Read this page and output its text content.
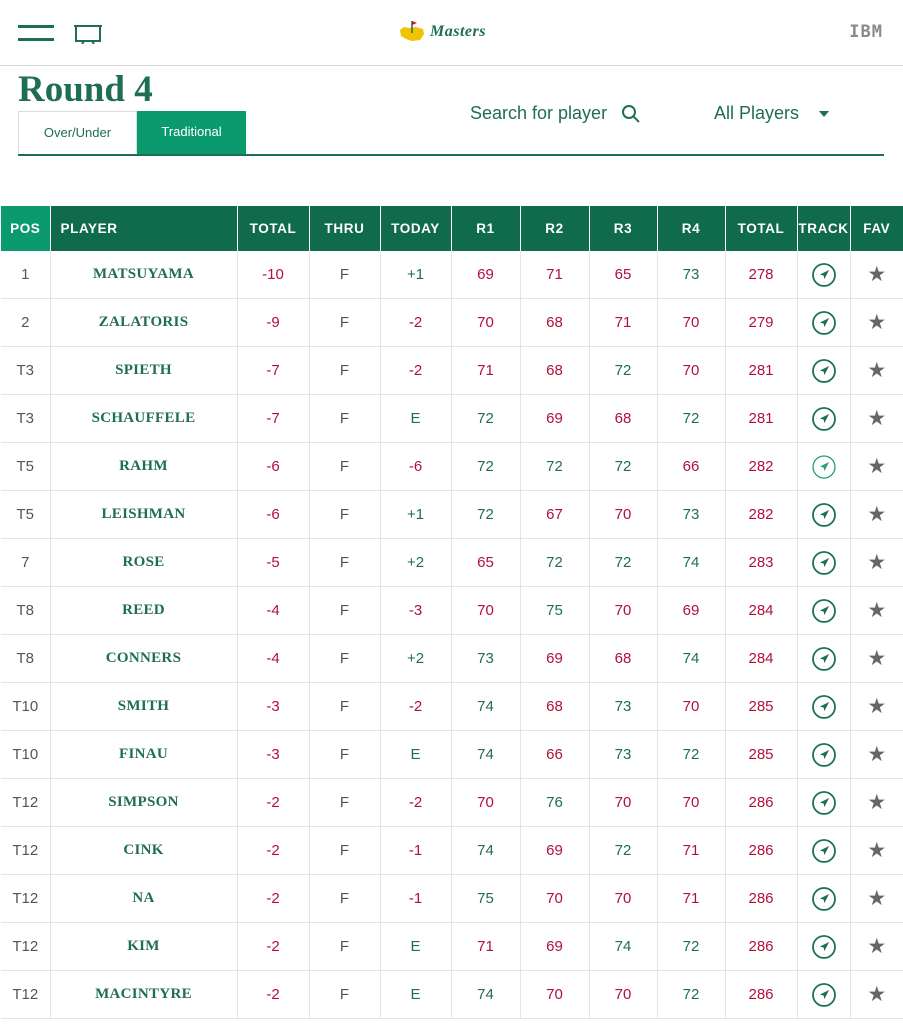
Masters	IBM
Round 4
Over/Under	Traditional
Search for player	All Players
POS	PLAYER	TOTAL	THRU	TODAY	R1	R2	R3	R4	TOTAL	TRACK	FAV
1	MATSUYAMA	-10	F	+1	69	71	65	73	278		★
2	ZALATORIS	-9	F	-2	70	68	71	70	279		★
T3	SPIETH	-7	F	-2	71	68	72	70	281		★
T3	SCHAUFFELE	-7	F	E	72	69	68	72	281		★
T5	RAHM	-6	F	-6	72	72	72	66	282		★
T5	LEISHMAN	-6	F	+1	72	67	70	73	282		★
7	ROSE	-5	F	+2	65	72	72	74	283		★
T8	REED	-4	F	-3	70	75	70	69	284		★
T8	CONNERS	-4	F	+2	73	69	68	74	284		★
T10	SMITH	-3	F	-2	74	68	73	70	285		★
T10	FINAU	-3	F	E	74	66	73	72	285		★
T12	SIMPSON	-2	F	-2	70	76	70	70	286		★
T12	CINK	-2	F	-1	74	69	72	71	286		★
T12	NA	-2	F	-1	75	70	70	71	286		★
T12	KIM	-2	F	E	71	69	74	72	286		★
T12	MACINTYRE	-2	F	E	74	70	70	72	286		★
